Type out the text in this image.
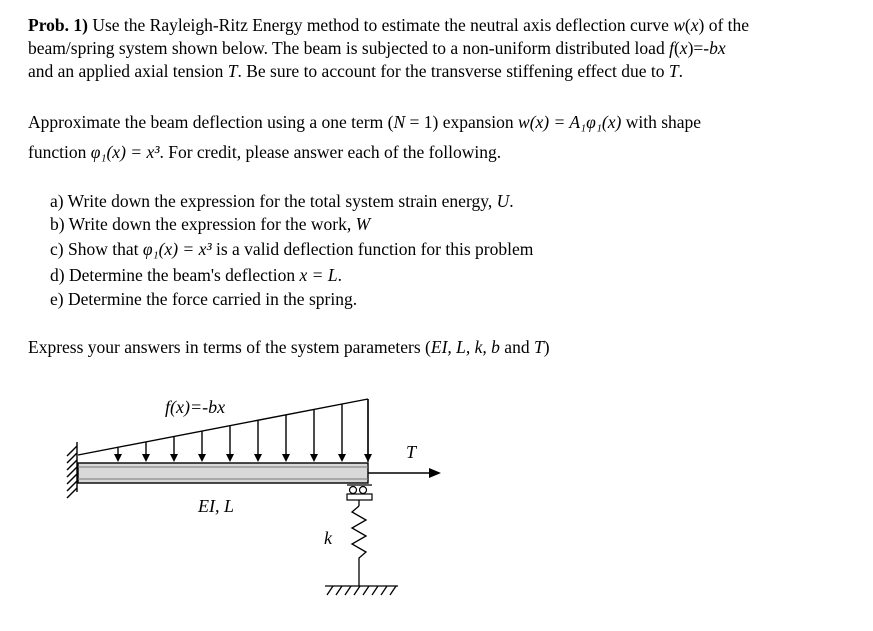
Prob. 1) Use the Rayleigh-Ritz Energy method to estimate the neutral axis deflection curve w(x) of the
beam/spring system shown below. The beam is subjected to a non-uniform distributed load f(x)=-bx
and an applied axial tension T. Be sure to account for the transverse stiffening effect due to T.
Approximate the beam deflection using a one term (N = 1) expansion w(x) = A₁φ₁(x) with shape
function φ₁(x) = x³. For credit, please answer each of the following.
a) Write down the expression for the total system strain energy, U.
b) Write down the expression for the work, W
c) Show that φ₁(x) = x³ is a valid deflection function for this problem
d) Determine the beam's deflection x = L.
e) Determine the force carried in the spring.
Express your answers in terms of the system parameters (EI, L, k, b and T)
f(x)=-bx
EI, L
T
k
